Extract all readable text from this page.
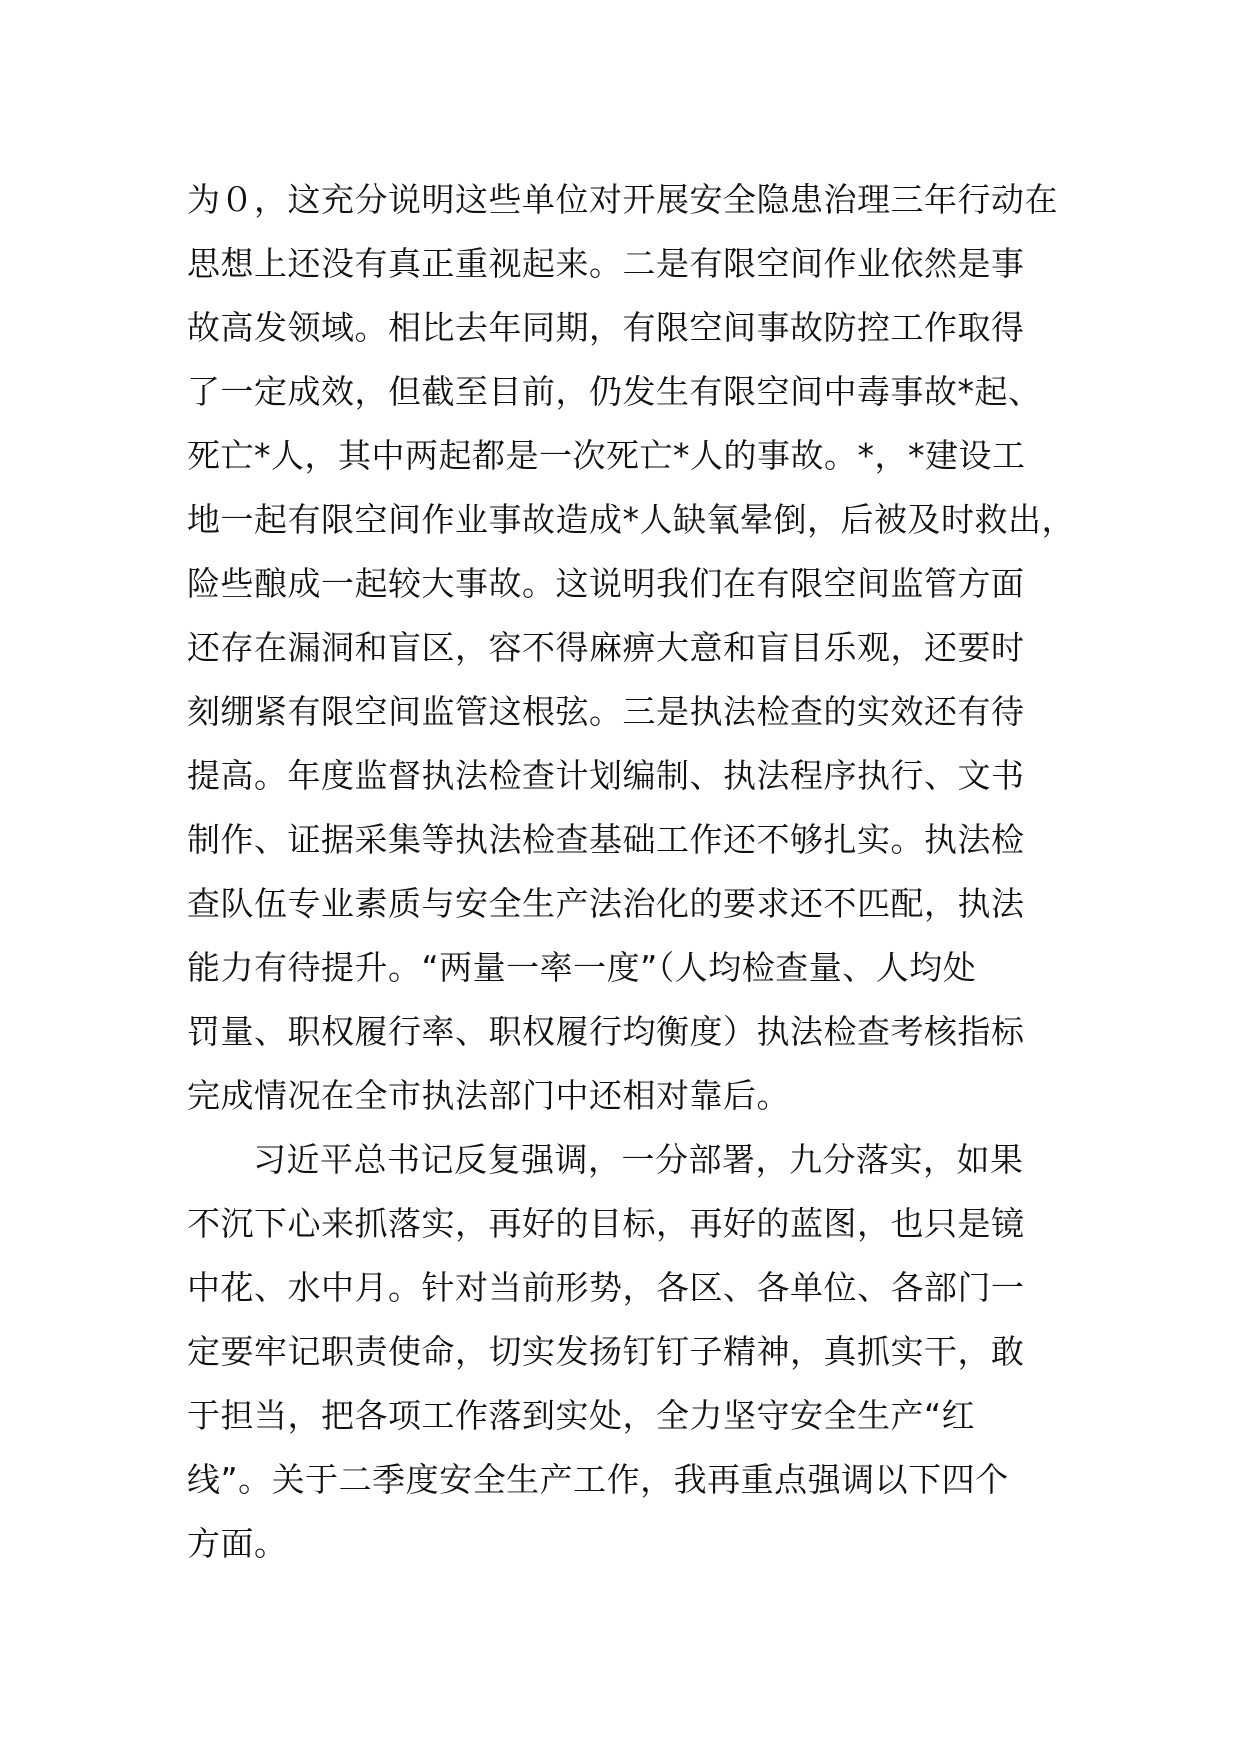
为０，这充分说明这些单位对开展安全隐患治理三年行动在
思想上还没有真正重视起来。二是有限空间作业依然是事
故高发领域。相比去年同期，有限空间事故防控工作取得
了一定成效，但截至目前，仍发生有限空间中毒事故*起、
死亡*人，其中两起都是一次死亡*人的事故。*，*建设工
地一起有限空间作业事故造成*人缺氧晕倒，后被及时救出，
险些酿成一起较大事故。这说明我们在有限空间监管方面
还存在漏洞和盲区，容不得麻痹大意和盲目乐观，还要时
刻绷紧有限空间监管这根弦。三是执法检查的实效还有待
提高。年度监督执法检查计划编制、执法程序执行、文书
制作、证据采集等执法检查基础工作还不够扎实。执法检
查队伍专业素质与安全生产法治化的要求还不匹配，执法
能力有待提升。“两量一率一度”（人均检查量、人均处
罚量、职权履行率、职权履行均衡度）执法检查考核指标
完成情况在全市执法部门中还相对靠后。
习近平总书记反复强调，一分部署，九分落实，如果
不沉下心来抓落实，再好的目标，再好的蓝图，也只是镜
中花、水中月。针对当前形势，各区、各单位、各部门一
定要牢记职责使命，切实发扬钉钉子精神，真抓实干，敢
于担当，把各项工作落到实处，全力坚守安全生产“红
线”。关于二季度安全生产工作，我再重点强调以下四个
方面。
